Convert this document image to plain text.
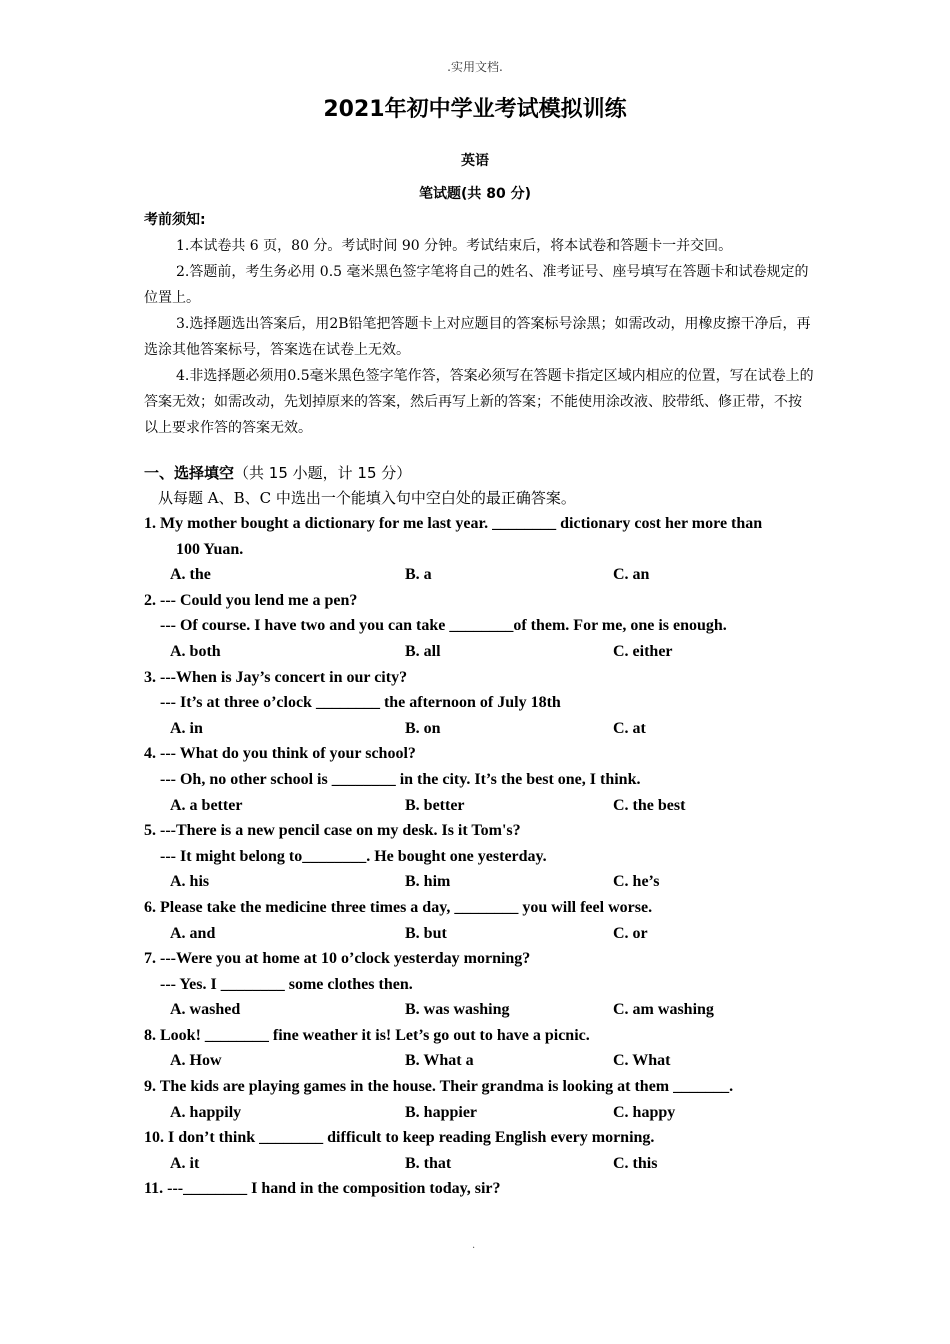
.实用文档.
2021年初中学业考试模拟训练
英语
笔试题(共 80 分)
考前须知:

1.本试卷共 6 页，80 分。考试时间 90 分钟。考试结束后，将本试卷和答题卡一并交回。

2.答题前，考生务必用 0.5 毫米黑色签字笔将自己的姓名、准考证号、座号填写在答题卡和试卷规定的位置上。

3.选择题选出答案后，用2B铅笔把答题卡上对应题目的答案标号涂黑；如需改动，用橡皮擦干净后，再选涂其他答案标号，答案选在试卷上无效。

4.非选择题必须用0.5毫米黑色签字笔作答，答案必须写在答题卡指定区域内相应的位置，写在试卷上的答案无效；如需改动，先划掉原来的答案，然后再写上新的答案；不能使用涂改液、胶带纸、修正带，不按以上要求作答的答案无效。

一、选择填空（共 15 小题，计 15 分）
从每题 A、B、C 中选出一个能填入句中空白处的最正确答案。
1. My mother bought a dictionary for me last year. ________ dictionary cost her more than
100 Yuan.
A. the	B. a	C. an
2. --- Could you lend me a pen?
--- Of course. I have two and you can take ________of them. For me, one is enough.
A. both	B. all	C. either
3. ---When is Jay’s concert in our city?
--- It’s at three o’clock ________ the afternoon of July 18th
A. in	B. on	C. at
4. --- What do you think of your school?
--- Oh, no other school is ________ in the city. It’s the best one, I think.
A. a better	B. better	C. the best
5. ---There is a new pencil case on my desk. Is it Tom's?
--- It might belong to________. He bought one yesterday.
A. his	B. him	C. he’s
6. Please take the medicine three times a day, ________ you will feel worse.
A. and	B. but	C. or
7. ---Were you at home at 10 o’clock yesterday morning?
--- Yes. I ________ some clothes then.
A. washed	B. was washing	C. am washing
8. Look! ________ fine weather it is! Let’s go out to have a picnic.
A. How	B. What a	C. What
9. The kids are playing games in the house. Their grandma is looking at them _______.
A. happily	B. happier	C. happy
10. I don’t think ________ difficult to keep reading English every morning.
A. it	B. that	C. this
11. ---________ I hand in the composition today, sir?
.
